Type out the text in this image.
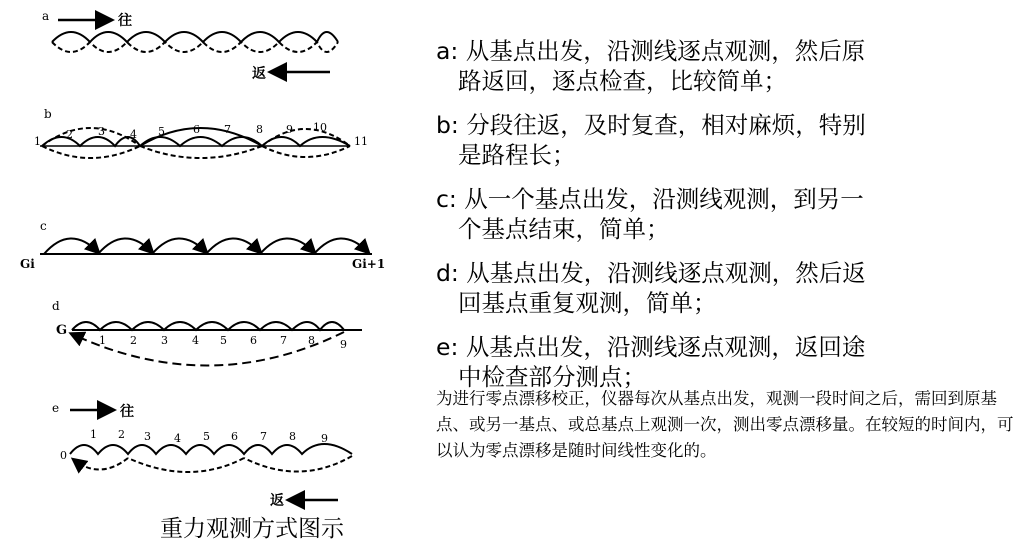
a	往
返
b
1
2 3 4 5	6 7 8 9 10
11
c
Gi	Gi+1
d
G
1 2 3 4 5 6 7 8 9
e	往
0
1 2 3 4 5 6 7 8 9
返
重力观测方式图示
a: 从基点出发，沿测线逐点观测，然后原
路返回，逐点检查，比较简单；
b: 分段往返，及时复查，相对麻烦，特别
是路程长；
c: 从一个基点出发，沿测线观测，到另一
个基点结束，简单；
d: 从基点出发，沿测线逐点观测，然后返
回基点重复观测，简单；
e: 从基点出发，沿测线逐点观测，返回途
中检查部分测点；
为进行零点漂移校正，仪器每次从基点出发，观测一段时间之后，需回到原基点、或另一基点、或总基点上观测一次，测出零点漂移量。在较短的时间内，可以认为零点漂移是随时间线性变化的。
